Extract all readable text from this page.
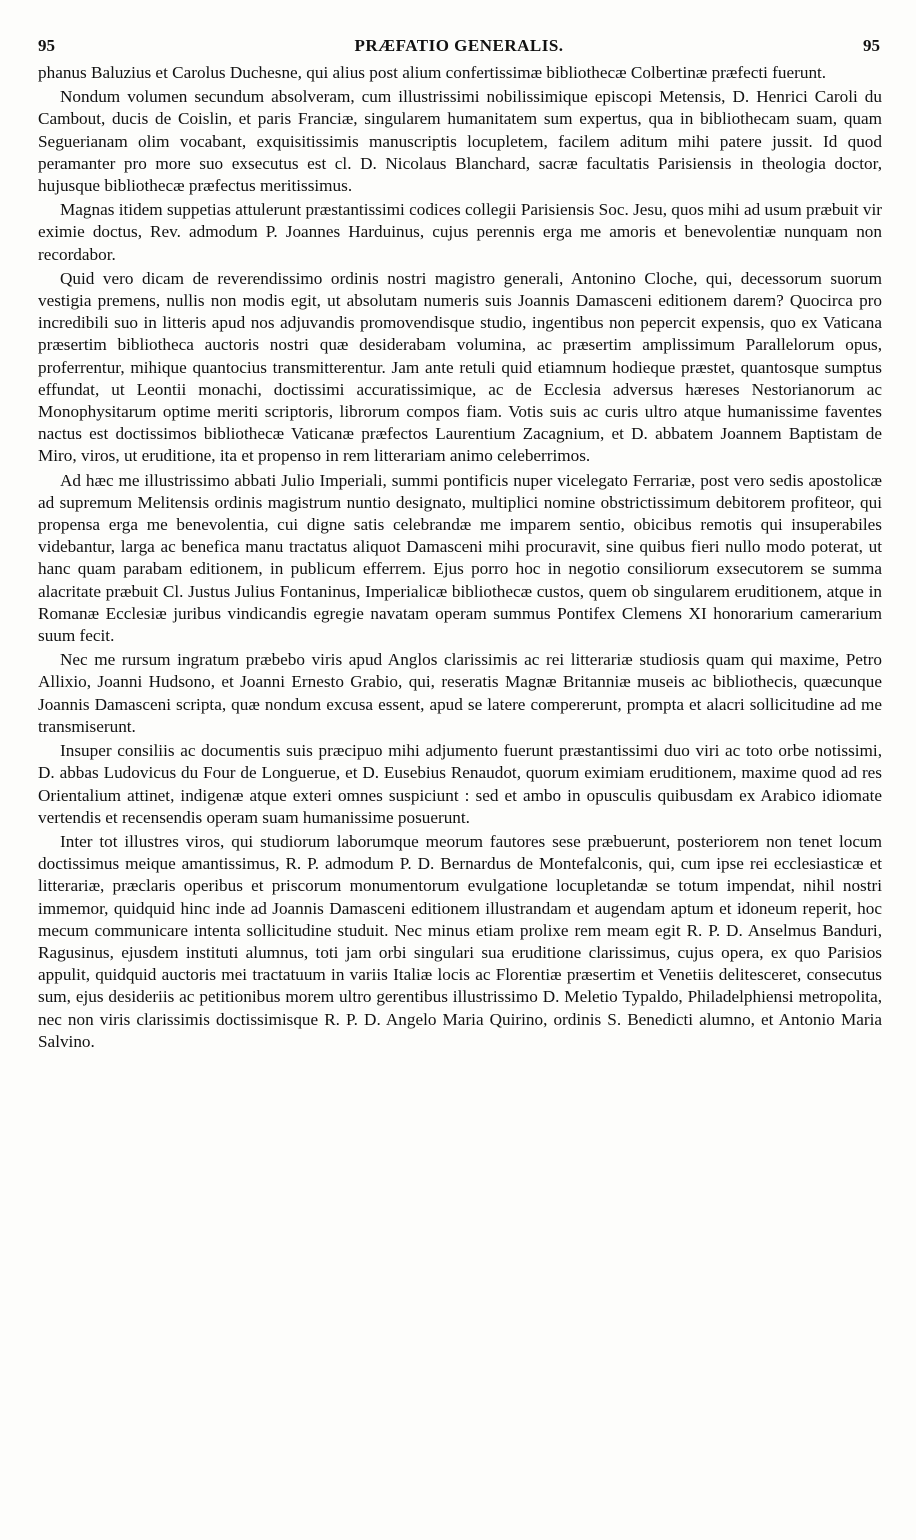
95	PRÆFATIO GENERALIS.	95

phanus Baluzius et Carolus Duchesne, qui alius post alium confertissimæ bibliothecæ Colbertinæ præfecti fuerunt.

Nondum volumen secundum absolveram, cum illustrissimi nobilissimique episcopi Metensis, D. Henrici Caroli du Cambout, ducis de Coislin, et paris Franciæ, singularem humanitatem sum expertus, qua in bibliothecam suam, quam Seguerianam olim vocabant, exquisitissimis manuscriptis locupletem, facilem aditum mihi patere jussit. Id quod peramanter pro more suo exsecutus est cl. D. Nicolaus Blanchard, sacræ facultatis Parisiensis in theologia doctor, hujusque bibliothecæ præfectus meritissimus.

Magnas itidem suppetias attulerunt præstantissimi codices collegii Parisiensis Soc. Jesu, quos mihi ad usum præbuit vir eximie doctus, Rev. admodum P. Joannes Harduinus, cujus perennis erga me amoris et benevolentiæ nunquam non recordabor.

Quid vero dicam de reverendissimo ordinis nostri magistro generali, Antonino Cloche, qui, decessorum suorum vestigia premens, nullis non modis egit, ut absolutam numeris suis Joannis Damasceni editionem darem? Quocirca pro incredibili suo in litteris apud nos adjuvandis promovendisque studio, ingentibus non pepercit expensis, quo ex Vaticana præsertim bibliotheca auctoris nostri quæ desiderabam volumina, ac præsertim amplissimum Parallelorum opus, proferrentur, mihique quantocius transmitterentur. Jam ante retuli quid etiamnum hodieque præstet, quantosque sumptus effundat, ut Leontii monachi, doctissimi accuratissimique, ac de Ecclesia adversus hæreses Nestorianorum ac Monophysitarum optime meriti scriptoris, librorum compos fiam. Votis suis ac curis ultro atque humanissime faventes nactus est doctissimos bibliothecæ Vaticanæ præfectos Laurentium Zacagnium, et D. abbatem Joannem Baptistam de Miro, viros, ut eruditione, ita et propenso in rem litterariam animo celeberrimos.

Ad hæc me illustrissimo abbati Julio Imperiali, summi pontificis nuper vicelegato Ferrariæ, post vero sedis apostolicæ ad supremum Melitensis ordinis magistrum nuntio designato, multiplici nomine obstrictissimum debitorem profiteor, qui propensa erga me benevolentia, cui digne satis celebrandæ me imparem sentio, obicibus remotis qui insuperabiles videbantur, larga ac benefica manu tractatus aliquot Damasceni mihi procuravit, sine quibus fieri nullo modo poterat, ut hanc quam parabam editionem, in publicum efferrem. Ejus porro hoc in negotio consiliorum exsecutorem se summa alacritate præbuit Cl. Justus Julius Fontaninus, Imperialicæ bibliothecæ custos, quem ob singularem eruditionem, atque in Romanæ Ecclesiæ juribus vindicandis egregie navatam operam summus Pontifex Clemens XI honorarium camerarium suum fecit.

Nec me rursum ingratum præbebo viris apud Anglos clarissimis ac rei litterariæ studiosis quam qui maxime, Petro Allixio, Joanni Hudsono, et Joanni Ernesto Grabio, qui, reseratis Magnæ Britanniæ museis ac bibliothecis, quæcunque Joannis Damasceni scripta, quæ nondum excusa essent, apud se latere compererunt, prompta et alacri sollicitudine ad me transmiserunt.

Insuper consiliis ac documentis suis præcipuo mihi adjumento fuerunt præstantissimi duo viri ac toto orbe notissimi, D. abbas Ludovicus du Four de Longuerue, et D. Eusebius Renaudot, quorum eximiam eruditionem, maxime quod ad res Orientalium attinet, indigenæ atque exteri omnes suspiciunt : sed et ambo in opusculis quibusdam ex Arabico idiomate vertendis et recensendis operam suam humanissime posuerunt.

Inter tot illustres viros, qui studiorum laborumque meorum fautores sese præbuerunt, posteriorem non tenet locum doctissimus meique amantissimus, R. P. admodum P. D. Bernardus de Montefalconis, qui, cum ipse rei ecclesiasticæ et litterariæ, præclaris operibus et priscorum monumentorum evulgatione locupletandæ se totum impendat, nihil nostri immemor, quidquid hinc inde ad Joannis Damasceni editionem illustrandam et augendam aptum et idoneum reperit, hoc mecum communicare intenta sollicitudine studuit. Nec minus etiam prolixe rem meam egit R. P. D. Anselmus Banduri, Ragusinus, ejusdem instituti alumnus, toti jam orbi singulari sua eruditione clarissimus, cujus opera, ex quo Parisios appulit, quidquid auctoris mei tractatuum in variis Italiæ locis ac Florentiæ præsertim et Venetiis delitesceret, consecutus sum, ejus desideriis ac petitionibus morem ultro gerentibus illustrissimo D. Meletio Typaldo, Philadelphiensi metropolita, nec non viris clarissimis doctissimisque R. P. D. Angelo Maria Quirino, ordinis S. Benedicti alumno, et Antonio Maria Salvino.
